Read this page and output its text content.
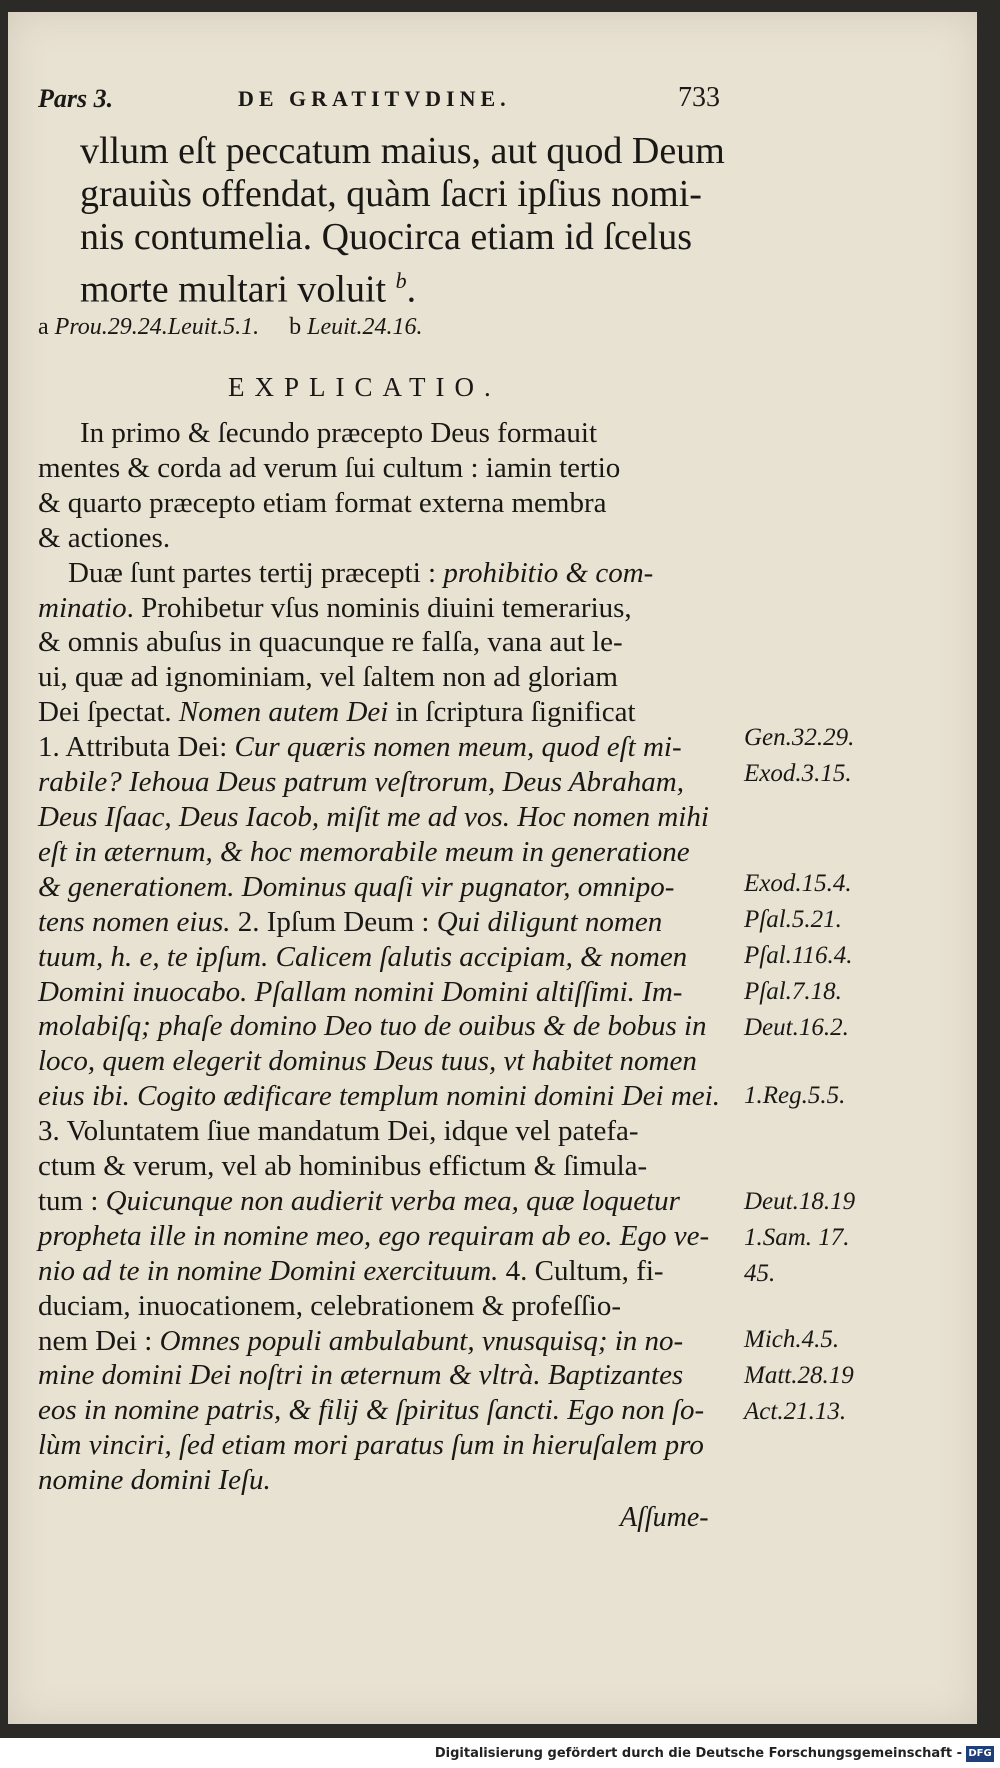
Pars 3.	DE GRATITVDINE.	733
vllum eſt peccatum maius, aut quod Deum
grauiùs offendat, quàm ſacri ipſius nomi-
nis contumelia. Quocirca etiam id ſcelus
morte multari voluit $^b$.
a Prou.29.24.Leuit.5.1. b Leuit.24.16.
EXPLICATIO.
In primo & ſecundo præcepto Deus formauit
mentes & corda ad verum ſui cultum : iamin tertio
& quarto præcepto etiam format externa membra
& actiones.
Duæ ſunt partes tertij præcepti : prohibitio & com-
minatio. Prohibetur vſus nominis diuini temerarius,
& omnis abuſus in quacunque re falſa, vana aut le-
ui, quæ ad ignominiam, vel ſaltem non ad gloriam
Dei ſpectat. Nomen autem Dei in ſcriptura ſignificat
1. Attributa Dei: Cur quæris nomen meum, quod eſt mi-
rabile? Iehoua Deus patrum veſtrorum, Deus Abraham,
Deus Iſaac, Deus Iacob, miſit me ad vos. Hoc nomen mihi
eſt in æternum, & hoc memorabile meum in generatione
& generationem. Dominus quaſi vir pugnator, omnipo-
tens nomen eius. 2. Ipſum Deum : Qui diligunt nomen
tuum, h. e, te ipſum. Calicem ſalutis accipiam, & nomen
Domini inuocabo. Pſallam nomini Domini altiſſimi. Im-
molabiſq; phaſe domino Deo tuo de ouibus & de bobus in
loco, quem elegerit dominus Deus tuus, vt habitet nomen
eius ibi. Cogito ædificare templum nomini domini Dei mei.
3. Voluntatem ſiue mandatum Dei, idque vel patefa-
ctum & verum, vel ab hominibus effictum & ſimula-
tum : Quicunque non audierit verba mea, quæ loquetur
propheta ille in nomine meo, ego requiram ab eo. Ego ve-
nio ad te in nomine Domini exercituum. 4. Cultum, fi-
duciam, inuocationem, celebrationem & profeſſio-
nem Dei : Omnes populi ambulabunt, vnusquisq; in no-
mine domini Dei noſtri in æternum & vltrà. Baptizantes
eos in nomine patris, & filij & ſpiritus ſancti. Ego non ſo-
lùm vinciri, ſed etiam mori paratus ſum in hieruſalem pro
nomine domini Ieſu.
Gen.32.29.
Exod.3.15.
Exod.15.4.
Pſal.5.21.
Pſal.116.4.
Pſal.7.18.
Deut.16.2.
1.Reg.5.5.
Deut.18.19
1.Sam. 17.
45.
Mich.4.5.
Matt.28.19
Act.21.13.
Aſſume-
Digitalisierung gefördert durch die Deutsche Forschungsgemeinschaft - DFG
